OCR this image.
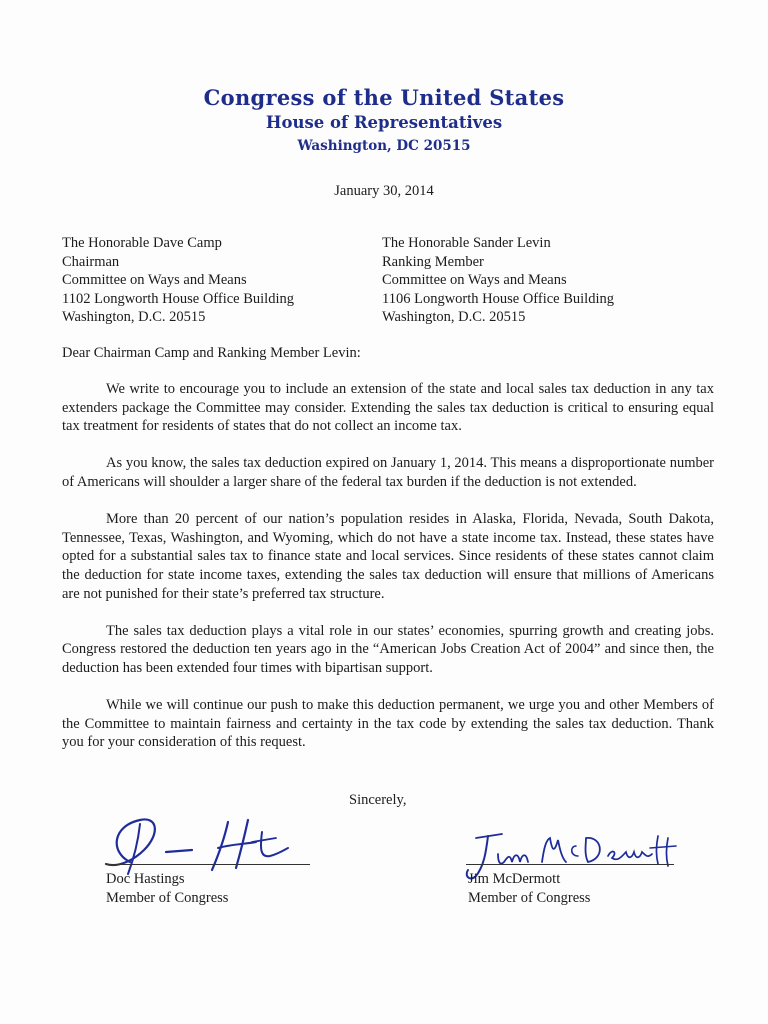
Congress of the United States
House of Representatives
Washington, DC 20515
January 30, 2014
The Honorable Dave Camp
Chairman
Committee on Ways and Means
1102 Longworth House Office Building
Washington, D.C. 20515
The Honorable Sander Levin
Ranking Member
Committee on Ways and Means
1106 Longworth House Office Building
Washington, D.C. 20515
Dear Chairman Camp and Ranking Member Levin:

We write to encourage you to include an extension of the state and local sales tax deduction in any tax extenders package the Committee may consider. Extending the sales tax deduction is critical to ensuring equal tax treatment for residents of states that do not collect an income tax.

As you know, the sales tax deduction expired on January 1, 2014. This means a disproportionate number of Americans will shoulder a larger share of the federal tax burden if the deduction is not extended.

More than 20 percent of our nation’s population resides in Alaska, Florida, Nevada, South Dakota, Tennessee, Texas, Washington, and Wyoming, which do not have a state income tax. Instead, these states have opted for a substantial sales tax to finance state and local services. Since residents of these states cannot claim the deduction for state income taxes, extending the sales tax deduction will ensure that millions of Americans are not punished for their state’s preferred tax structure.

The sales tax deduction plays a vital role in our states’ economies, spurring growth and creating jobs. Congress restored the deduction ten years ago in the “American Jobs Creation Act of 2004” and since then, the deduction has been extended four times with bipartisan support.

While we will continue our push to make this deduction permanent, we urge you and other Members of the Committee to maintain fairness and certainty in the tax code by extending the sales tax deduction. Thank you for your consideration of this request.

Sincerely,
Doc Hastings
Member of Congress
Jim McDermott
Member of Congress
